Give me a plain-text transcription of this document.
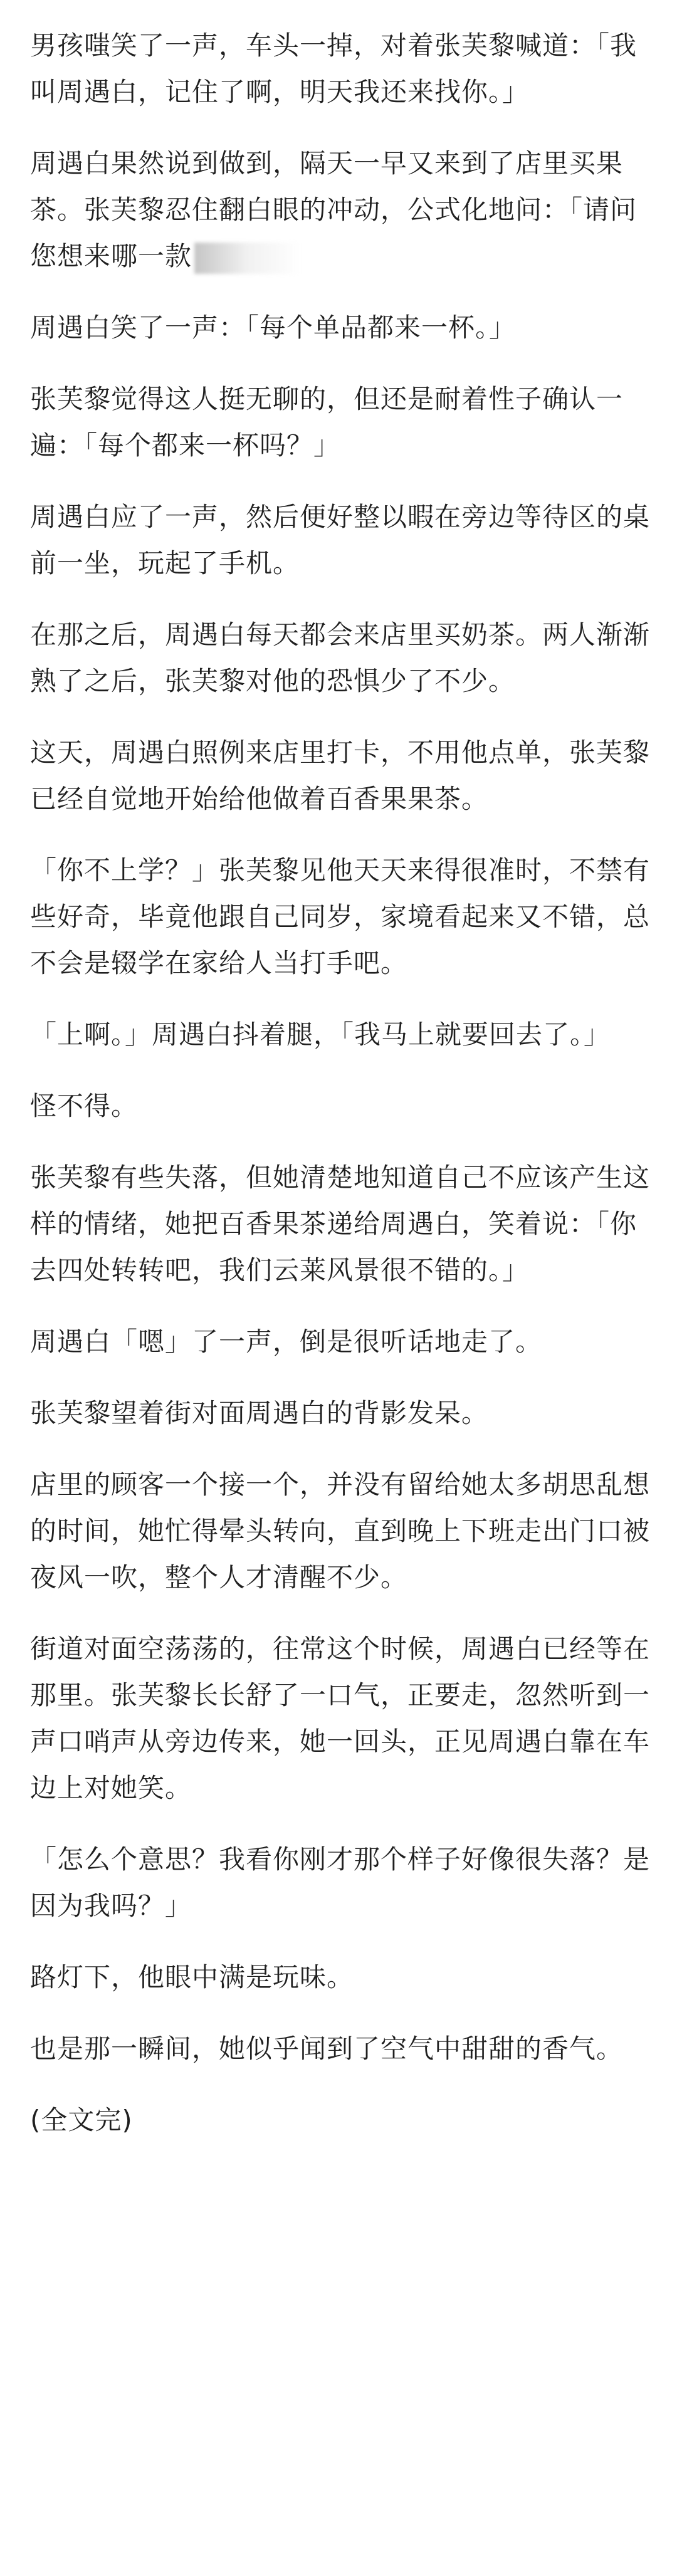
男孩嗤笑了一声，车头一掉，对着张芙黎喊道：「我叫周遇白，记住了啊，明天我还来找你。」

周遇白果然说到做到，隔天一早又来到了店里买果茶。张芙黎忍住翻白眼的冲动，公式化地问：「请问您想来哪一款

周遇白笑了一声：「每个单品都来一杯。」

张芙黎觉得这人挺无聊的，但还是耐着性子确认一遍：「每个都来一杯吗？」

周遇白应了一声，然后便好整以暇在旁边等待区的桌前一坐，玩起了手机。

在那之后，周遇白每天都会来店里买奶茶。两人渐渐熟了之后，张芙黎对他的恐惧少了不少。

这天，周遇白照例来店里打卡，不用他点单，张芙黎已经自觉地开始给他做着百香果果茶。

「你不上学？」张芙黎见他天天来得很准时，不禁有些好奇，毕竟他跟自己同岁，家境看起来又不错，总不会是辍学在家给人当打手吧。

「上啊。」周遇白抖着腿，「我马上就要回去了。」

怪不得。

张芙黎有些失落，但她清楚地知道自己不应该产生这样的情绪，她把百香果茶递给周遇白，笑着说：「你去四处转转吧，我们云莱风景很不错的。」

周遇白「嗯」了一声，倒是很听话地走了。

张芙黎望着街对面周遇白的背影发呆。

店里的顾客一个接一个，并没有留给她太多胡思乱想的时间，她忙得晕头转向，直到晚上下班走出门口被夜风一吹，整个人才清醒不少。

街道对面空荡荡的，往常这个时候，周遇白已经等在那里。张芙黎长长舒了一口气，正要走，忽然听到一声口哨声从旁边传来，她一回头，正见周遇白靠在车边上对她笑。

「怎么个意思？我看你刚才那个样子好像很失落？是因为我吗？」

路灯下，他眼中满是玩味。

也是那一瞬间，她似乎闻到了空气中甜甜的香气。

(全文完)
